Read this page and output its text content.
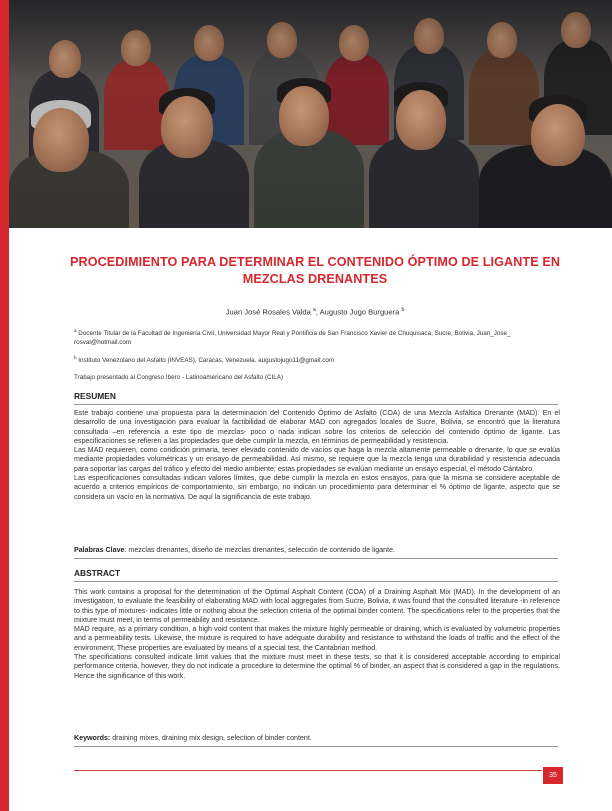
PROCEDIMIENTO PARA DETERMINAR EL CONTENIDO ÓPTIMO DE LIGANTE EN MEZCLAS DRENANTES
Juan José Rosales Valda $^a$, Augusto Jugo Burguera $^b$
$^a$ Docente Titular de la Facultad de Ingeniería Civil, Universidad Mayor Real y Pontificia de San Francisco Xavier de Chuquisaca, Sucre, Bolivia, Juan_Jose_ rosval@hotmail.com
$^b$ Instituto Venezolano del Asfalto (INVEAS), Caracas, Venezuela. augustojugo11@gmail.com
Trabajo presentado al Congreso Ibero - Latinoamericano del Asfalto (CILA)
RESUMEN

Este trabajo contiene una propuesta para la determinación del Contenido Óptimo de Asfalto (COA) de una Mezcla Asfáltica Drenante (MAD). En el desarrollo de una investigación para evaluar la factibilidad de elaborar MAD con agregados locales de Sucre, Bolivia, se encontró que la literatura consultada –en referencia a este tipo de mezclas- poco o nada indican sobre los criterios de selección del contenido óptimo de ligante. Las especificaciones se refieren a las propiedades que debe cumplir la mezcla, en términos de permeabilidad y resistencia.

Las MAD requieren, como condición primaria, tener elevado contenido de vacíos que haga la mezcla altamente permeable o drenante, lo que se evalúa mediante propiedades volumétricas y un ensayo de permeabilidad. Así mismo, se requiere que la mezcla tenga una durabilidad y resistencia adecuada para soportar las cargas del tráfico y efecto del medio ambiente; estas propiedades se evalúan mediante un ensayo especial, el método Cántabro.

Las especificaciones consultadas indican valores límites, que debe cumplir la mezcla en estos ensayos, para que la misma se considere aceptable de acuerdo a criterios empíricos de comportamiento, sin embargo, no indican un procedimiento para determinar el % óptimo de ligante, aspecto que se considera un vacío en la normativa. De aquí la significancia de este trabajo.

Palabras Clave: mezclas drenantes, diseño de mezclas drenantes, selección de contenido de ligante.
ABSTRACT

This work contains a proposal for the determination of the Optimal Asphalt Content (COA) of a Draining Asphalt Mix (MAD). In the development of an investigation, to evaluate the feasibility of elaborating MAD with local aggregates from Sucre, Bolivia, it was found that the consulted literature -in reference to this type of mixtures- indicates little or nothing about the selection criteria of the optimal binder content. The specifications refer to the properties that the mixture must meet, in terms of permeability and resistance.

MAD require, as a primary condition, a high void content that makes the mixture highly permeable or draining, which is evaluated by volumetric properties and a permeability tests. Likewise, the mixture is required to have adequate durability and resistance to withstand the loads of traffic and the effect of the environment; These properties are evaluated by means of a special test, the Cantabrian method.

The specifications consulted indicate limit values that the mixture must meet in these tests, so that it is considered acceptable according to empirical performance criteria, however, they do not indicate a procedure to determine the optimal % of binder, an aspect that is considered a gap in the regulations. Hence the significance of this work.

Keywords: draining mixes, draining mix design, selection of binder content.
35
